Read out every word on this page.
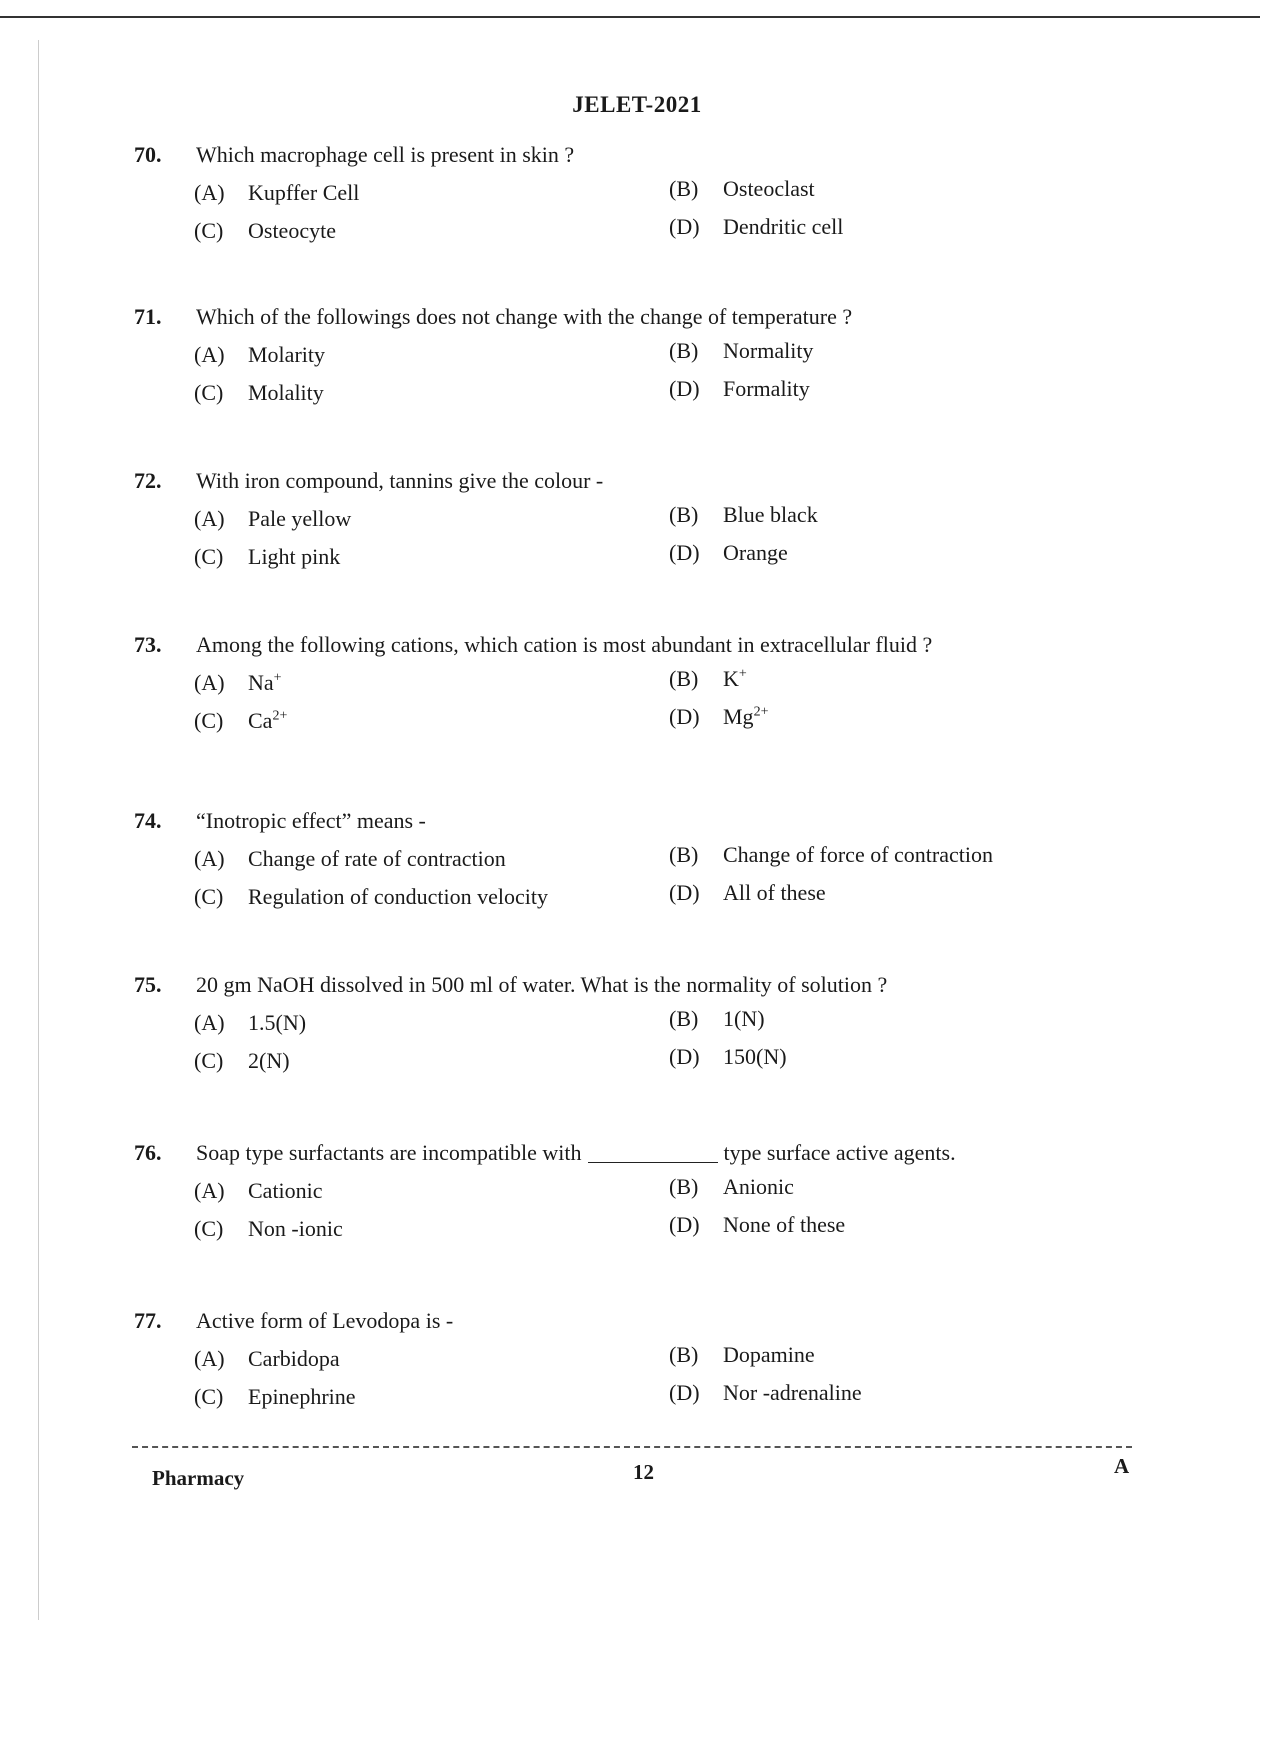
JELET-2021
70. Which macrophage cell is present in skin ?
(A) Kupffer Cell	(B) Osteoclast
(C) Osteocyte	(D) Dendritic cell
71. Which of the followings does not change with the change of temperature ?
(A) Molarity	(B) Normality
(C) Molality	(D) Formality
72. With iron compound, tannins give the colour -
(A) Pale yellow	(B) Blue black
(C) Light pink	(D) Orange
73. Among the following cations, which cation is most abundant in extracellular fluid ?
(A) Na+	(B) K+
(C) $Ca^{2+}$	(D) $Mg^{2+}$
74. “Inotropic effect” means -
(A) Change of rate of contraction	(B) Change of force of contraction
(C) Regulation of conduction velocity	(D) All of these
75. 20 gm NaOH dissolved in 500 ml of water. What is the normality of solution ?
(A) 1.5(N)	(B) 1(N)
(C) 2(N)	(D) 150(N)
76. Soap type surfactants are incompatible with	type surface active agents.
(A) Cationic	(B) Anionic
(C) Non -ionic	(D) None of these
77. Active form of Levodopa is -
(A) Carbidopa	(B) Dopamine
(C) Epinephrine	(D) Nor -adrenaline
Pharmacy	12	A
